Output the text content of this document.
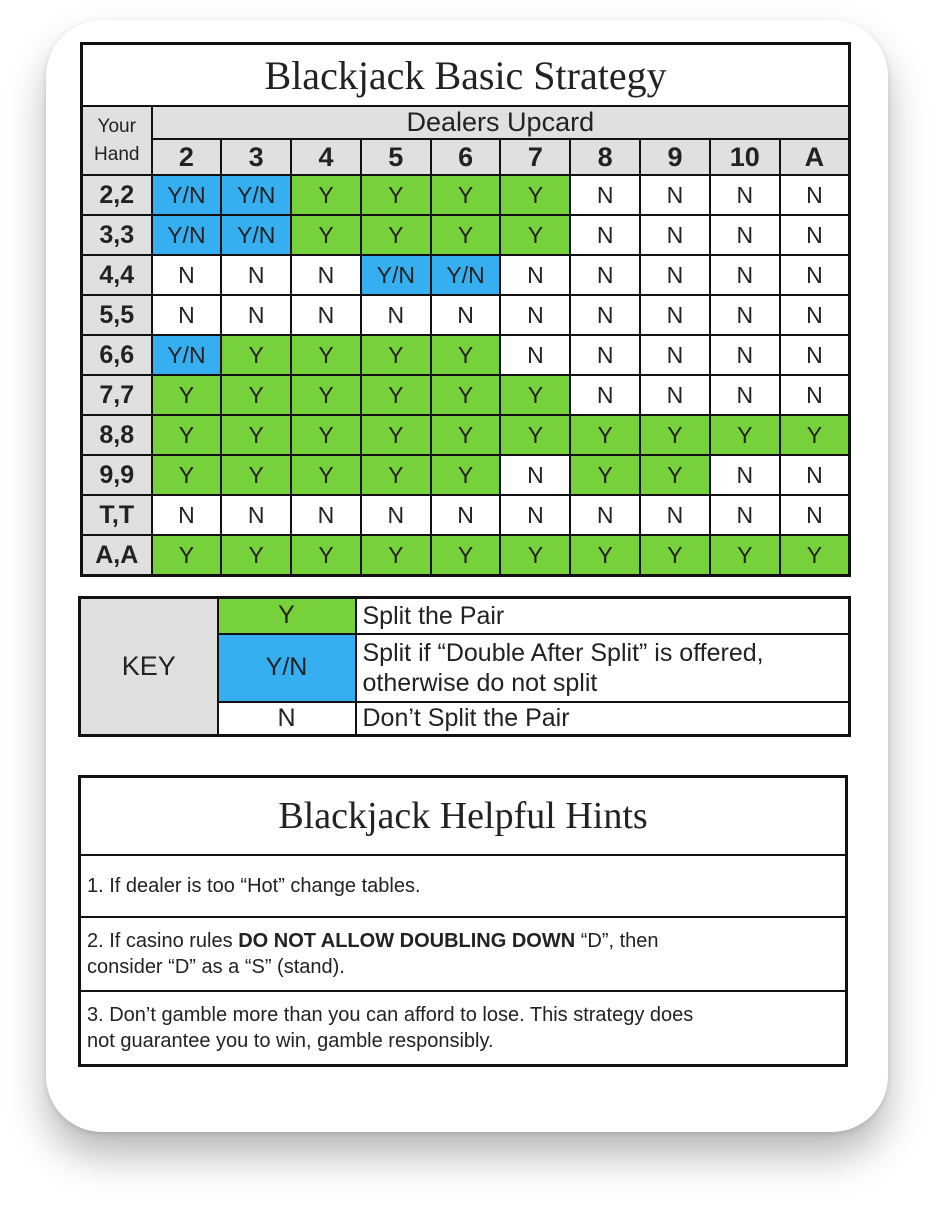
Blackjack Basic Strategy										

Your
Hand	Dealers Upcard									
	2	3	4	5	6	7	8	9	10	A
2,2	Y/N	Y/N	Y	Y	Y	Y	N	N	N	N
3,3	Y/N	Y/N	Y	Y	Y	Y	N	N	N	N
4,4	N	N	N	Y/N	Y/N	N	N	N	N	N
5,5	N	N	N	N	N	N	N	N	N	N
6,6	Y/N	Y	Y	Y	Y	N	N	N	N	N
7,7	Y	Y	Y	Y	Y	Y	N	N	N	N
8,8	Y	Y	Y	Y	Y	Y	Y	Y	Y	Y
9,9	Y	Y	Y	Y	Y	N	Y	Y	N	N
T,T	N	N	N	N	N	N	N	N	N	N
A,A	Y	Y	Y	Y	Y	Y	Y	Y	Y	Y
KEY	Y	Split the Pair
	Y/N	Split if “Double After Split” is offered,
otherwise do not split

	N	Don’t Split the Pair
Blackjack Helpful Hints
1. If dealer is too “Hot” change tables.

2. If casino rules DO NOT ALLOW DOUBLING DOWN “D”, then
consider “D” as a “S” (stand).

3. Don’t gamble more than you can afford to lose. This strategy does
not guarantee you to win, gamble responsibly.
